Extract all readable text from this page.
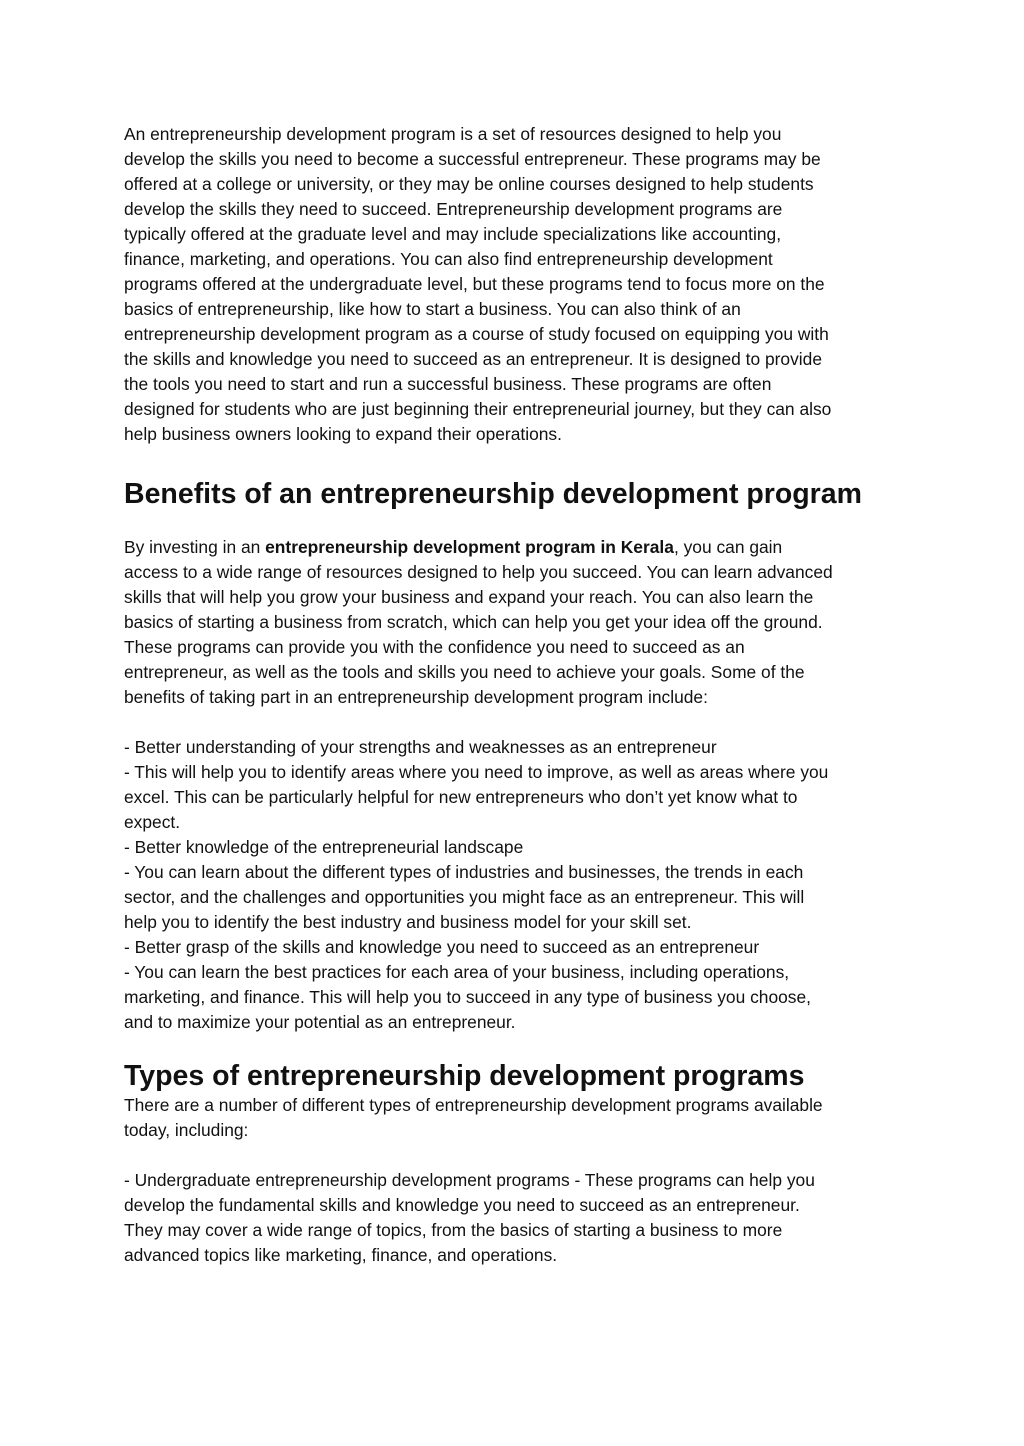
An entrepreneurship development program is a set of resources designed to help you
develop the skills you need to become a successful entrepreneur. These programs may be
offered at a college or university, or they may be online courses designed to help students
develop the skills they need to succeed. Entrepreneurship development programs are
typically offered at the graduate level and may include specializations like accounting,
finance, marketing, and operations. You can also find entrepreneurship development
programs offered at the undergraduate level, but these programs tend to focus more on the
basics of entrepreneurship, like how to start a business. You can also think of an
entrepreneurship development program as a course of study focused on equipping you with
the skills and knowledge you need to succeed as an entrepreneur. It is designed to provide
the tools you need to start and run a successful business. These programs are often
designed for students who are just beginning their entrepreneurial journey, but they can also
help business owners looking to expand their operations.
Benefits of an entrepreneurship development program
By investing in an entrepreneurship development program in Kerala, you can gain
access to a wide range of resources designed to help you succeed. You can learn advanced
skills that will help you grow your business and expand your reach. You can also learn the
basics of starting a business from scratch, which can help you get your idea off the ground.
These programs can provide you with the confidence you need to succeed as an
entrepreneur, as well as the tools and skills you need to achieve your goals. Some of the
benefits of taking part in an entrepreneurship development program include:
- Better understanding of your strengths and weaknesses as an entrepreneur
- This will help you to identify areas where you need to improve, as well as areas where you
excel. This can be particularly helpful for new entrepreneurs who don’t yet know what to
expect.
- Better knowledge of the entrepreneurial landscape
- You can learn about the different types of industries and businesses, the trends in each
sector, and the challenges and opportunities you might face as an entrepreneur. This will
help you to identify the best industry and business model for your skill set.
- Better grasp of the skills and knowledge you need to succeed as an entrepreneur
- You can learn the best practices for each area of your business, including operations,
marketing, and finance. This will help you to succeed in any type of business you choose,
and to maximize your potential as an entrepreneur.
Types of entrepreneurship development programs
There are a number of different types of entrepreneurship development programs available
today, including:
- Undergraduate entrepreneurship development programs - These programs can help you
develop the fundamental skills and knowledge you need to succeed as an entrepreneur.
They may cover a wide range of topics, from the basics of starting a business to more
advanced topics like marketing, finance, and operations.
